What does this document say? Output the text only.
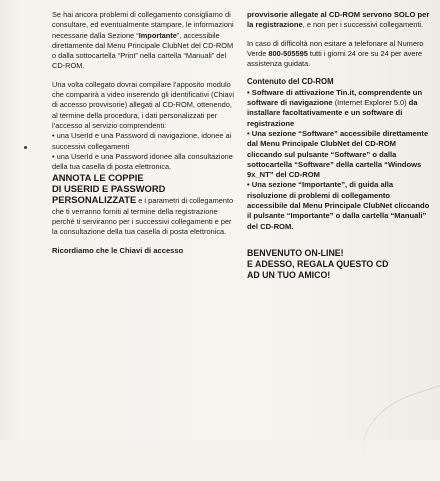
Se hai ancora problemi di collegamento consigliamo di consultare, ed eventualmente stampare, le informazioni necessarie dalla Sezione “Importante”, accessibile direttamente dal Menu Principale ClubNet del CD-ROM o dalla sottocartella “Print” nella cartella “Manuali” del CD-ROM.

Una volta collegato dovrai compilare l’apposito modulo che comparirà a video inserendo gli identificativi (Chiavi di accesso provvisorie) allegati al CD-ROM, ottenendo, al termine della procedura, i dati personalizzati per l’accesso al servizio comprendenti:

• una UserId e una Password di navigazione, idonee ai successivi collegamenti

• una UserId e una Password idonee alla consultazione della tua casella di posta elettronica.

ANNOTA LE COPPIE
DI USERID E PASSWORD
PERSONALIZZATE e i parametri di collegamento che ti verranno forniti al termine della registrazione perché ti serviranno per i successivi collegamenti e per la consultazione della tua casella di posta elettronica.

Ricordiamo che le Chiavi di accesso

provvisorie allegate al CD-ROM servono SOLO per la registrazione, e non per i successivi collegamenti.

In caso di difficoltà non esitare a telefonare al Numero Verde 800-505595 tutti i giorni 24 ore su 24 per avere assistenza guidata.

Contenuto del CD-ROM
• Software di attivazione Tin.it, comprendente un software di navigazione (Internet Explorer 5.0) da installare facoltativamente e un software di registrazione
• Una sezione “Software” accessibile direttamente dal Menu Principale ClubNet del CD-ROM cliccando sul pulsante “Software” o dalla sottocartella “Software” della cartella “Windows 9x_NT” del CD-ROM
• Una sezione “Importante”, di guida alla risoluzione di problemi di collegamento accessibile dal Menu Principale ClubNet cliccando il pulsante “Importante” o dalla cartella “Manuali” del CD-ROM.
BENVENUTO ON-LINE!
E ADESSO, REGALA QUESTO CD
AD UN TUO AMICO!
